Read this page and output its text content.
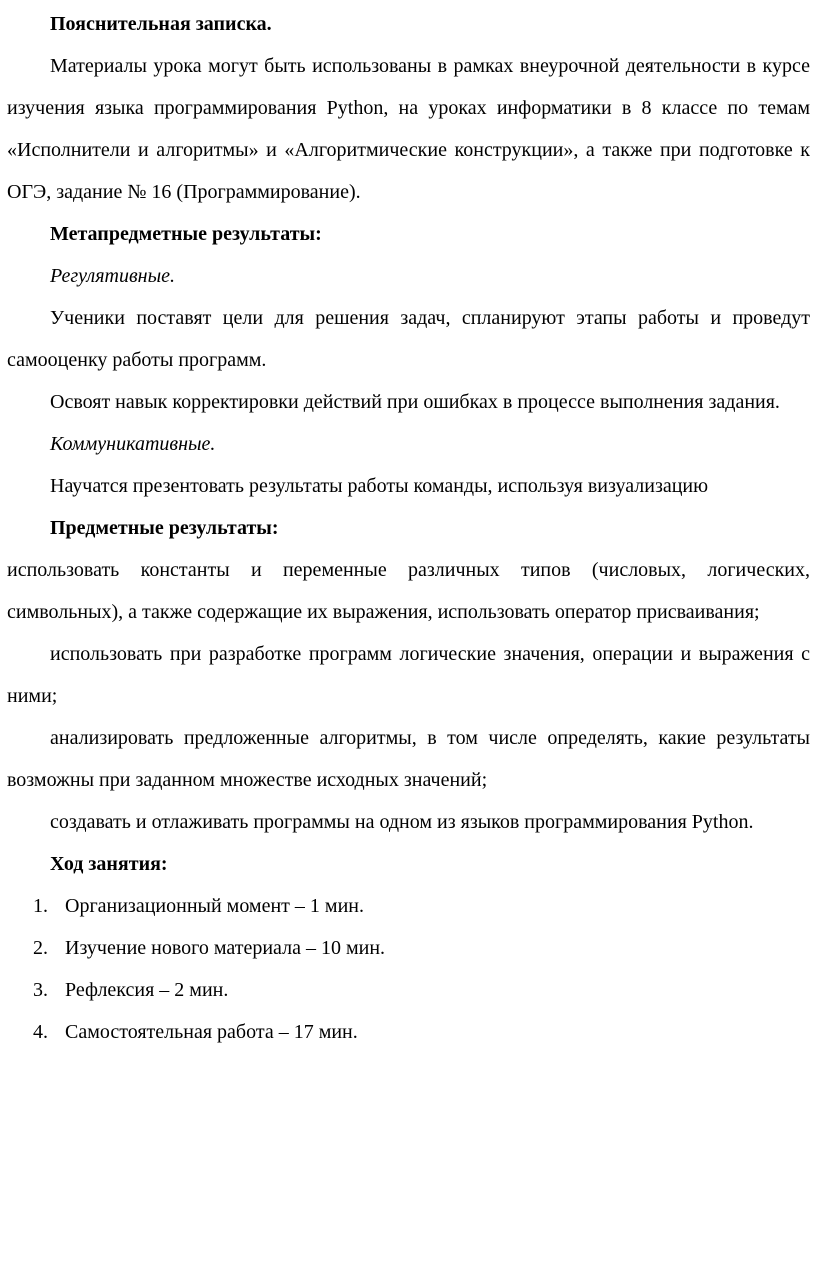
Пояснительная записка.

Материалы урока могут быть использованы в рамках внеурочной деятельности в курсе изучения языка программирования Python, на уроках информатики в 8 классе по темам «Исполнители и алгоритмы» и «Алгоритмические конструкции», а также при подготовке к ОГЭ, задание № 16 (Программирование).

Метапредметные результаты:

Регулятивные.

Ученики поставят цели для решения задач, спланируют этапы работы и проведут самооценку работы программ.

Освоят навык корректировки действий при ошибках в процессе выполнения задания.

Коммуникативные.

Научатся презентовать результаты работы команды, используя визуализацию

Предметные результаты:

использовать константы и переменные различных типов (числовых, логических, символьных), а также содержащие их выражения, использовать оператор присваивания;

использовать при разработке программ логические значения, операции и выражения с ними;

анализировать предложенные алгоритмы, в том числе определять, какие результаты возможны при заданном множестве исходных значений;

создавать и отлаживать программы на одном из языков программирования Python.

Ход занятия:

1. Организационный момент – 1 мин.
2. Изучение нового материала – 10 мин.
3. Рефлексия – 2 мин.
4. Самостоятельная работа – 17 мин.
